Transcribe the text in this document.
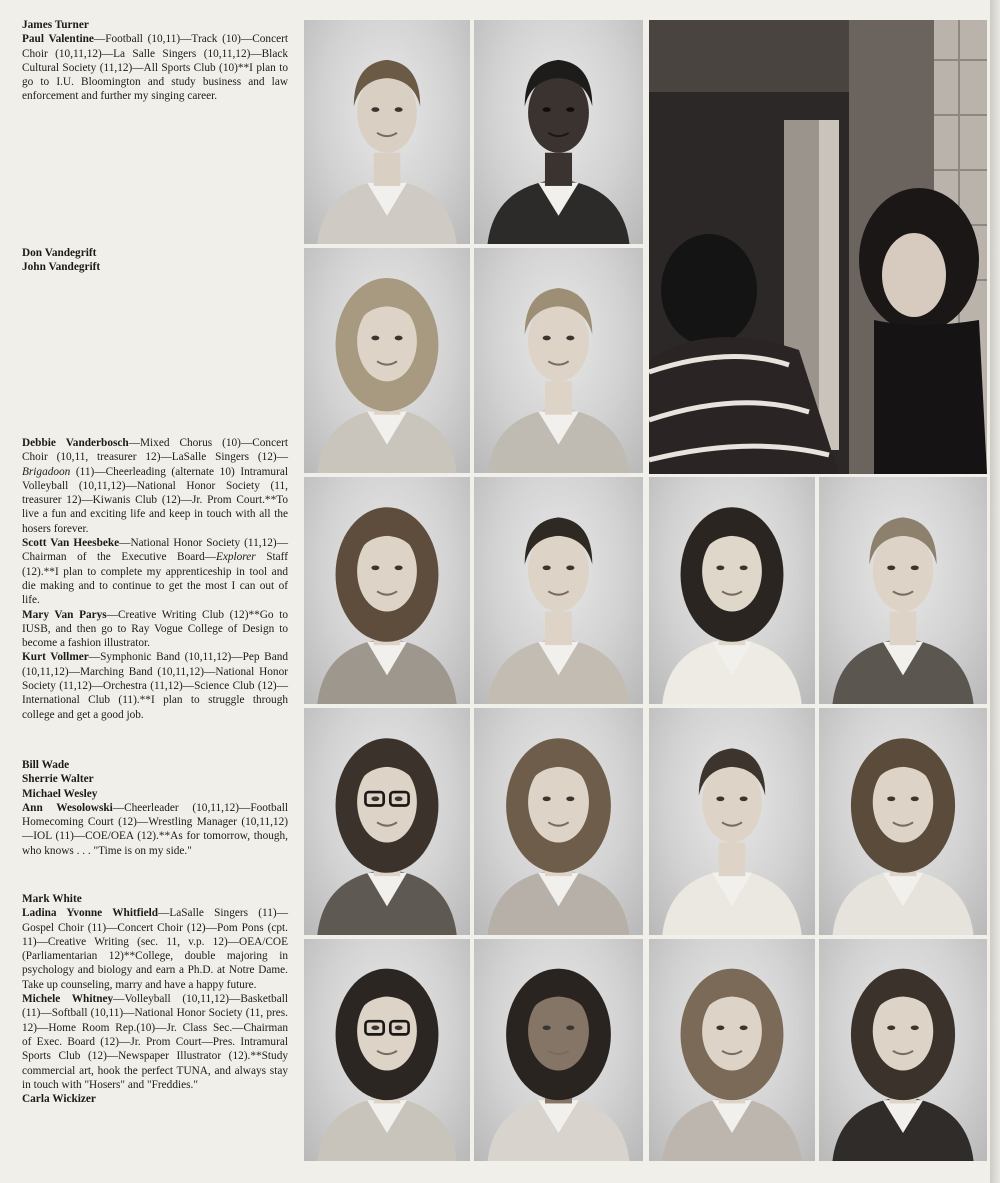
James Turner

Paul Valentine—Football (10,11)—Track (10)—Concert Choir (10,11,12)—La Salle Singers (10,11,12)—Black Cultural Society (11,12)—All Sports Club (10)**I plan to go to I.U. Bloomington and study business and law enforcement and further my singing career.

Don Vandegrift

John Vandegrift

Debbie Vanderbosch—Mixed Chorus (10)—Concert Choir (10,11, treasurer 12)—LaSalle Singers (12)—Brigadoon (11)—Cheerleading (alternate 10) Intramural Volleyball (10,11,12)—National Honor Society (11, treasurer 12)—Kiwanis Club (12)—Jr. Prom Court.**To live a fun and exciting life and keep in touch with all the hosers forever.

Scott Van Heesbeke—National Honor Society (11,12)—Chairman of the Executive Board—Explorer Staff (12).**I plan to complete my apprenticeship in tool and die making and to continue to get the most I can out of life.

Mary Van Parys—Creative Writing Club (12)**Go to IUSB, and then go to Ray Vogue College of Design to become a fashion illustrator.

Kurt Vollmer—Symphonic Band (10,11,12)—Pep Band (10,11,12)—Marching Band (10,11,12)—National Honor Society (11,12)—Orchestra (11,12)—Science Club (12)—International Club (11).**I plan to struggle through college and get a good job.

Bill Wade

Sherrie Walter

Michael Wesley

Ann Wesolowski—Cheerleader (10,11,12)—Football Homecoming Court (12)—Wrestling Manager (10,11,12)—IOL (11)—COE/OEA (12).**As for tomorrow, though, who knows . . . "Time is on my side."

Mark White

Ladina Yvonne Whitfield—LaSalle Singers (11)—Gospel Choir (11)—Concert Choir (12)—Pom Pons (cpt. 11)—Creative Writing (sec. 11, v.p. 12)—OEA/COE (Parliamentarian 12)**College, double majoring in psychology and biology and earn a Ph.D. at Notre Dame. Take up counseling, marry and have a happy future.

Michele Whitney—Volleyball (10,11,12)—Basketball (11)—Softball (10,11)—National Honor Society (11, pres. 12)—Home Room Rep.(10)—Jr. Class Sec.—Chairman of Exec. Board (12)—Jr. Prom Court—Pres. Intramural Sports Club (12)—Newspaper Illustrator (12).**Study commercial art, hook the perfect TUNA, and always stay in touch with "Hosers" and "Freddies."

Carla Wickizer
